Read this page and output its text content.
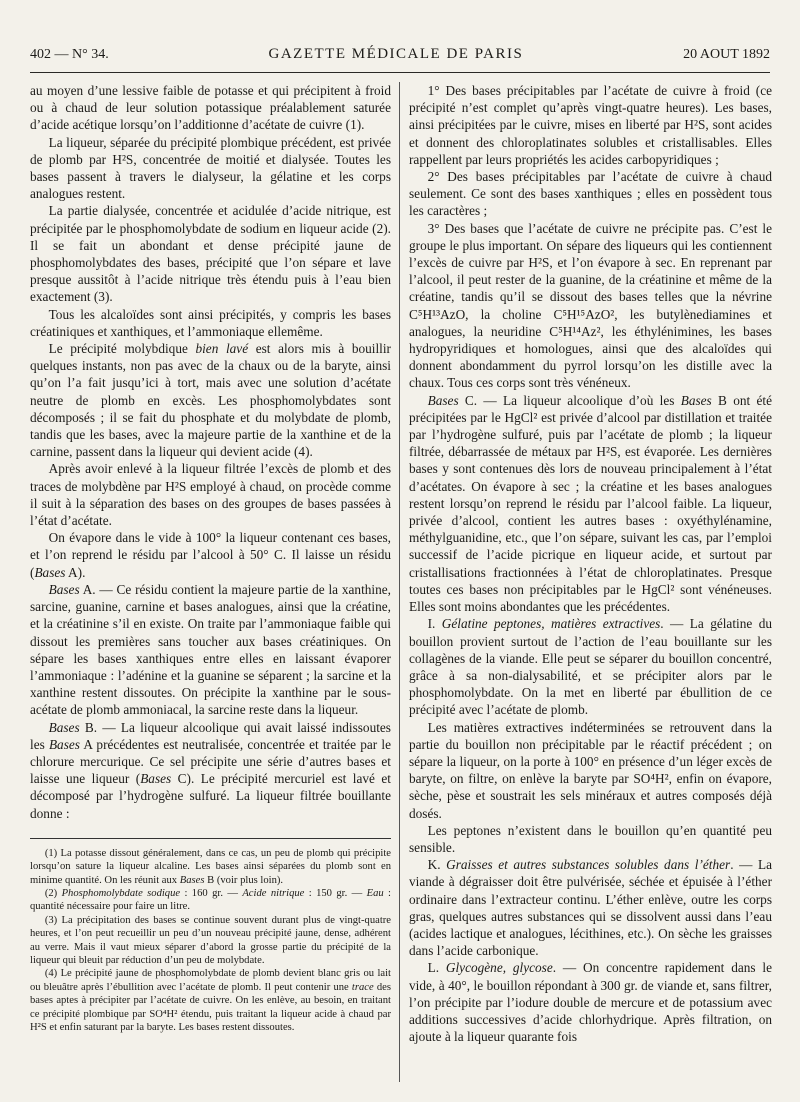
402 — N° 34.	GAZETTE MÉDICALE DE PARIS	20 AOUT 1892

au moyen d’une lessive faible de potasse et qui précipitent à froid ou à chaud de leur solution potassique préalablement saturée d’acide acétique lorsqu’on l’additionne d’acétate de cuivre (1).

La liqueur, séparée du précipité plombique précédent, est privée de plomb par H²S, concentrée de moitié et dialysée. Toutes les bases passent à travers le dialyseur, la gélatine et les corps analogues restent.

La partie dialysée, concentrée et acidulée d’acide nitrique, est précipitée par le phosphomolybdate de sodium en liqueur acide (2). Il se fait un abondant et dense précipité jaune de phosphomolybdates des bases, précipité que l’on sépare et lave presque aussitôt à l’acide nitrique très étendu puis à l’eau bien exactement (3).

Tous les alcaloïdes sont ainsi précipités, y compris les bases créatiniques et xanthiques, et l’ammoniaque ellemême.

Le précipité molybdique bien lavé est alors mis à bouillir quelques instants, non pas avec de la chaux ou de la baryte, ainsi qu’on l’a fait jusqu’ici à tort, mais avec une solution d’acétate neutre de plomb en excès. Les phosphomolybdates sont décomposés ; il se fait du phosphate et du molybdate de plomb, tandis que les bases, avec la majeure partie de la xanthine et de la carnine, passent dans la liqueur qui devient acide (4).

Après avoir enlevé à la liqueur filtrée l’excès de plomb et des traces de molybdène par H²S employé à chaud, on procède comme il suit à la séparation des bases on des groupes de bases passées à l’état d’acétate.

On évapore dans le vide à 100° la liqueur contenant ces bases, et l’on reprend le résidu par l’alcool à 50° C. Il laisse un résidu (Bases A).

Bases A. — Ce résidu contient la majeure partie de la xanthine, sarcine, guanine, carnine et bases analogues, ainsi que la créatine, et la créatinine s’il en existe. On traite par l’ammoniaque faible qui dissout les premières sans toucher aux bases créatiniques. On sépare les bases xanthiques entre elles en laissant évaporer l’ammoniaque : l’adénine et la guanine se séparent ; la sarcine et la xanthine restent dissoutes. On précipite la xanthine par le sous-acétate de plomb ammoniacal, la sarcine reste dans la liqueur.

Bases B. — La liqueur alcoolique qui avait laissé indissoutes les Bases A précédentes est neutralisée, concentrée et traitée par le chlorure mercurique. Ce sel précipite une série d’autres bases et laisse une liqueur (Bases C). Le précipité mercuriel est lavé et décomposé par l’hydrogène sulfuré. La liqueur filtrée bouillante donne :

(1) La potasse dissout généralement, dans ce cas, un peu de plomb qui précipite lorsqu’on sature la liqueur alcaline. Les bases ainsi séparées du plomb sont en minime quantité. On les réunit aux Bases B (voir plus loin).

(2) Phosphomolybdate sodique : 160 gr. — Acide nitrique : 150 gr. — Eau : quantité nécessaire pour faire un litre.

(3) La précipitation des bases se continue souvent durant plus de vingt-quatre heures, et l’on peut recueillir un peu d’un nouveau précipité jaune, dense, adhérent au verre. Mais il vaut mieux séparer d’abord la grosse partie du précipité de la liqueur qui bleuit par réduction d’un peu de molybdate.

(4) Le précipité jaune de phosphomolybdate de plomb devient blanc gris ou lait ou bleuâtre après l’ébullition avec l’acétate de plomb. Il peut contenir une trace des bases aptes à précipiter par l’acétate de cuivre. On les enlève, au besoin, en traitant ce précipité plombique par SO⁴H² étendu, puis traitant la liqueur acide à chaud par H²S et enfin saturant par la baryte. Les bases restent dissoutes.

1° Des bases précipitables par l’acétate de cuivre à froid (ce précipité n’est complet qu’après vingt-quatre heures). Les bases, ainsi précipitées par le cuivre, mises en liberté par H²S, sont acides et donnent des chloroplatinates solubles et cristallisables. Elles rappellent par leurs propriétés les acides carbopyridiques ;

2° Des bases précipitables par l’acétate de cuivre à chaud seulement. Ce sont des bases xanthiques ; elles en possèdent tous les caractères ;

3° Des bases que l’acétate de cuivre ne précipite pas. C’est le groupe le plus important. On sépare des liqueurs qui les contiennent l’excès de cuivre par H²S, et l’on évapore à sec. En reprenant par l’alcool, il peut rester de la guanine, de la créatinine et même de la créatine, tandis qu’il se dissout des bases telles que la névrine C⁵H¹³AzO, la choline C⁵H¹⁵AzO², les butylènediamines et analogues, la neuridine C⁵H¹⁴Az², les éthylénimines, les bases hydropyridiques et homologues, ainsi que des alcaloïdes qui donnent abondamment du pyrrol lorsqu’on les distille avec la chaux. Tous ces corps sont très vénéneux.

Bases C. — La liqueur alcoolique d’où les Bases B ont été précipitées par le HgCl² est privée d’alcool par distillation et traitée par l’hydrogène sulfuré, puis par l’acétate de plomb ; la liqueur filtrée, débarrassée de métaux par H²S, est évaporée. Les dernières bases y sont contenues dès lors de nouveau principalement à l’état d’acétates. On évapore à sec ; la créatine et les bases analogues restent lorsqu’on reprend le résidu par l’alcool faible. La liqueur, privée d’alcool, contient les autres bases : oxyéthylénamine, méthylguanidine, etc., que l’on sépare, suivant les cas, par l’emploi successif de l’acide picrique en liqueur acide, et surtout par cristallisations fractionnées à l’état de chloroplatinates. Presque toutes ces bases non précipitables par le HgCl² sont vénéneuses. Elles sont moins abondantes que les précédentes.

I. Gélatine peptones, matières extractives. — La gélatine du bouillon provient surtout de l’action de l’eau bouillante sur les collagènes de la viande. Elle peut se séparer du bouillon concentré, grâce à sa non-dialysabilité, et se précipiter alors par le phosphomolybdate. On la met en liberté par ébullition de ce précipité avec l’acétate de plomb.

Les matières extractives indéterminées se retrouvent dans la partie du bouillon non précipitable par le réactif précédent ; on sépare la liqueur, on la porte à 100° en présence d’un léger excès de baryte, on filtre, on enlève la baryte par SO⁴H², enfin on évapore, sèche, pèse et soustrait les sels minéraux et autres composés déjà dosés.

Les peptones n’existent dans le bouillon qu’en quantité peu sensible.

K. Graisses et autres substances solubles dans l’éther. — La viande à dégraisser doit être pulvérisée, séchée et épuisée à l’éther ordinaire dans l’extracteur continu. L’éther enlève, outre les corps gras, quelques autres substances qui se dissolvent aussi dans l’eau (acides lactique et analogues, lécithines, etc.). On sèche les graisses dans l’acide carbonique.

L. Glycogène, glycose. — On concentre rapidement dans le vide, à 40°, le bouillon répondant à 300 gr. de viande et, sans filtrer, l’on précipite par l’iodure double de mercure et de potassium avec additions successives d’acide chlorhydrique. Après filtration, on ajoute à la liqueur quarante fois
